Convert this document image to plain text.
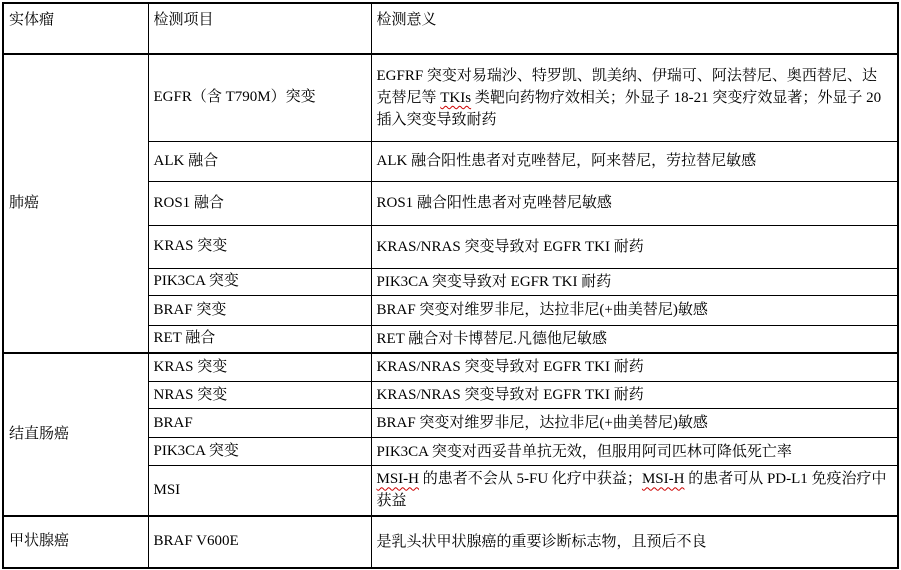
实体瘤	检测项目	检测意义
肺癌	EGFR（含 T790M）突变	EGFRF 突变对易瑞沙、特罗凯、凯美纳、伊瑞可、阿法替尼、奥西替尼、达克替尼等 TKIs 类靶向药物疗效相关；外显子 18-21 突变疗效显著；外显子 20 插入突变导致耐药
	ALK 融合	ALK 融合阳性患者对克唑替尼，阿来替尼，劳拉替尼敏感
	ROS1 融合	ROS1 融合阳性患者对克唑替尼敏感
	KRAS 突变	KRAS/NRAS 突变导致对 EGFR TKI 耐药
	PIK3CA 突变	PIK3CA 突变导致对 EGFR TKI 耐药
	BRAF 突变	BRAF 突变对维罗非尼，达拉非尼(+曲美替尼)敏感
	RET 融合	RET 融合对卡博替尼.凡德他尼敏感
结直肠癌	KRAS 突变	KRAS/NRAS 突变导致对 EGFR TKI 耐药
	NRAS 突变	KRAS/NRAS 突变导致对 EGFR TKI 耐药
	BRAF	BRAF 突变对维罗非尼，达拉非尼(+曲美替尼)敏感
	PIK3CA 突变	PIK3CA 突变对西妥昔单抗无效，但服用阿司匹林可降低死亡率
	MSI	MSI-H 的患者不会从 5-FU 化疗中获益；MSI-H 的患者可从 PD-L1 免疫治疗中获益
甲状腺癌	BRAF V600E	是乳头状甲状腺癌的重要诊断标志物，且预后不良
